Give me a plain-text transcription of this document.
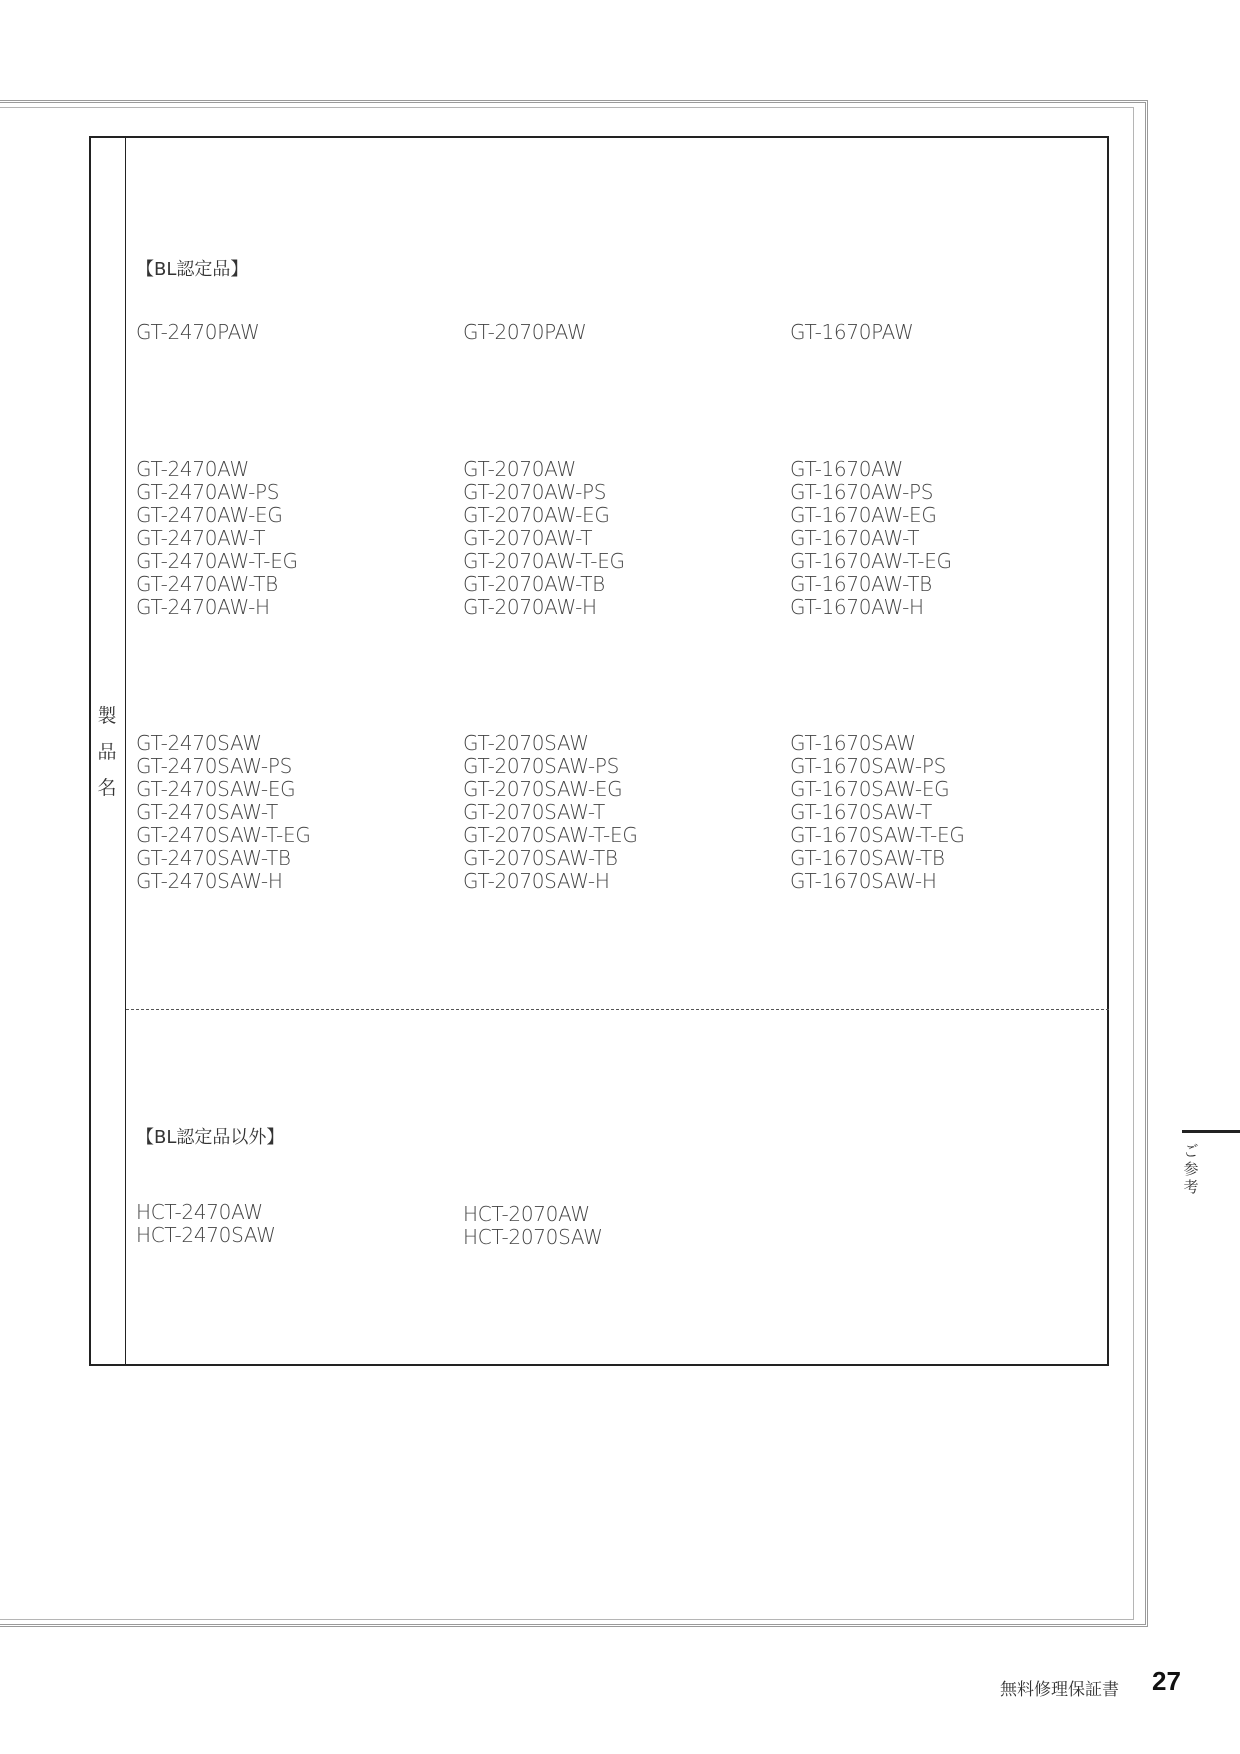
製
品
名
【BL認定品】
GT-2470PAW	GT-2070PAW	GT-1670PAW
GT-2470AW
GT-2470AW-PS
GT-2470AW-EG
GT-2470AW-T
GT-2470AW-T-EG
GT-2470AW-TB
GT-2470AW-H
GT-2070AW
GT-2070AW-PS
GT-2070AW-EG
GT-2070AW-T
GT-2070AW-T-EG
GT-2070AW-TB
GT-2070AW-H
GT-1670AW
GT-1670AW-PS
GT-1670AW-EG
GT-1670AW-T
GT-1670AW-T-EG
GT-1670AW-TB
GT-1670AW-H
GT-2470SAW
GT-2470SAW-PS
GT-2470SAW-EG
GT-2470SAW-T
GT-2470SAW-T-EG
GT-2470SAW-TB
GT-2470SAW-H
GT-2070SAW
GT-2070SAW-PS
GT-2070SAW-EG
GT-2070SAW-T
GT-2070SAW-T-EG
GT-2070SAW-TB
GT-2070SAW-H
GT-1670SAW
GT-1670SAW-PS
GT-1670SAW-EG
GT-1670SAW-T
GT-1670SAW-T-EG
GT-1670SAW-TB
GT-1670SAW-H
【BL認定品以外】
HCT-2470AW
HCT-2470SAW
HCT-2070AW
HCT-2070SAW
ご
参
考
無料修理保証書 27
